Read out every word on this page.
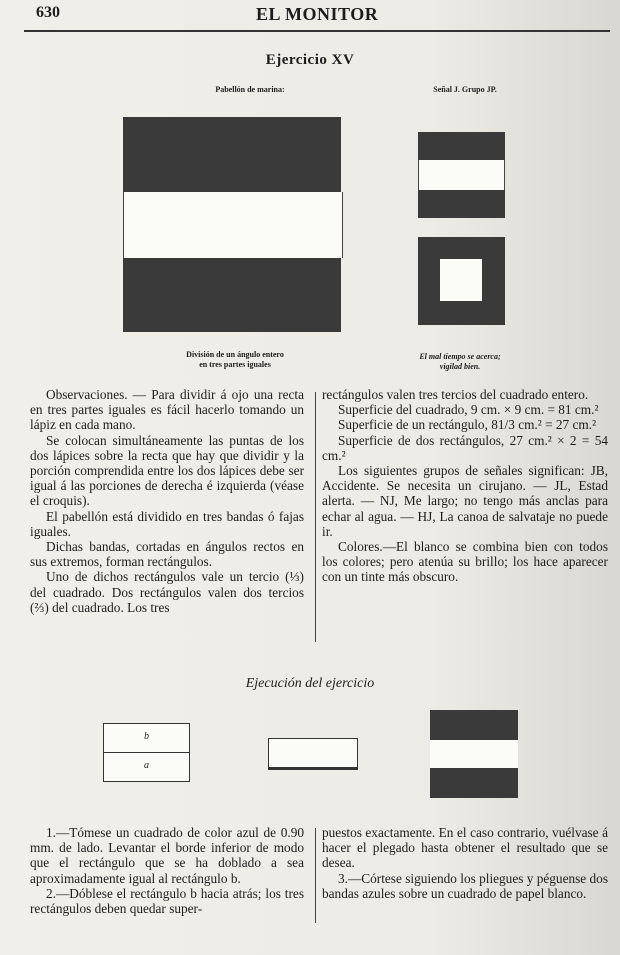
630	EL MONITOR
Ejercicio XV
Pabellón de marina:
División de un ángulo entero
en tres partes iguales
Señal J. Grupo JP.
El mal tiempo se acerca;
vigilad bien.

Observaciones. — Para dividir á ojo una recta en tres partes iguales es fácil hacerlo tomando un lápiz en cada mano.

Se colocan simultáneamente las puntas de los dos lápices sobre la recta que hay que dividir y la porción comprendida entre los dos lápices debe ser igual á las porciones de derecha é izquierda (véase el croquis).

El pabellón está dividido en tres bandas ó fajas iguales.

Dichas bandas, cortadas en ángulos rectos en sus extremos, forman rectángulos.

Uno de dichos rectángulos vale un tercio (⅓) del cuadrado. Dos rectángulos valen dos tercios (⅔) del cuadrado. Los tres

rectángulos valen tres tercios del cuadrado entero.

Superficie del cuadrado, 9 cm. × 9 cm. = 81 cm.²

Superficie de un rectángulo, 81/3 cm.² = 27 cm.²

Superficie de dos rectángulos, 27 cm.² × 2 = 54 cm.²

Los siguientes grupos de señales significan: JB, Accidente. Se necesita un cirujano. — JL, Estad alerta. — NJ, Me largo; no tengo más anclas para echar al agua. — HJ, La canoa de salvataje no puede ir.

Colores.—El blanco se combina bien con todos los colores; pero atenúa su brillo; los hace aparecer con un tinte más obscuro.

Ejecución del ejercicio
b
a

1.—Tómese un cuadrado de color azul de 0.90 mm. de lado. Levantar el borde inferior de modo que el rectángulo que se ha doblado a sea aproximadamente igual al rectángulo b.

2.—Dóblese el rectángulo b hacia atrás; los tres rectángulos deben quedar super-

puestos exactamente. En el caso contrario, vuélvase á hacer el plegado hasta obtener el resultado que se desea.

3.—Córtese siguiendo los pliegues y péguense dos bandas azules sobre un cuadrado de papel blanco.
